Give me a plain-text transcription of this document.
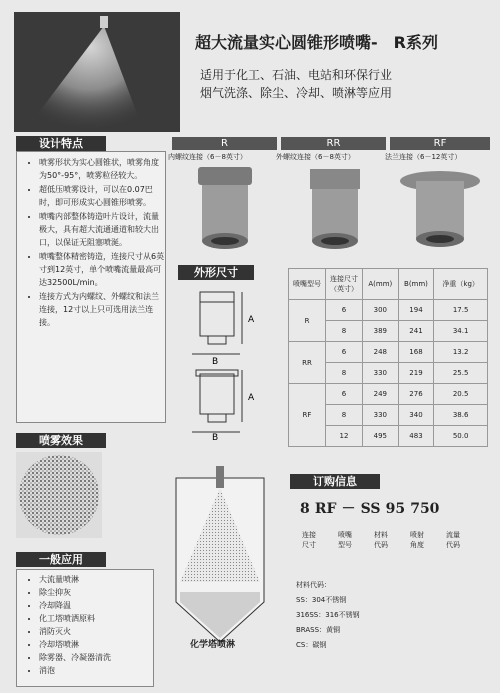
超大流量实心圆锥形喷嘴-　R系列
适用于化工、石油、电站和环保行业
烟气洗涤、除尘、冷却、喷淋等应用
设计特点
• 喷雾形状为实心圆锥状，喷雾角度为50°-95°，喷雾粒径较大。
• 超低压喷雾设计，可以在0.07巴时，即可形成实心圆锥形喷雾。
• 喷嘴内部整体铸造叶片设计，流量极大，具有超大流通通道和较大出口，以保证无阻塞喷涎。
• 喷嘴整体精密铸造，连接尺寸从6英寸到12英寸，单个喷嘴流量最高可达32500L/min。
• 连接方式为内螺纹、外螺纹和法兰连接，12寸以上只可选用法兰连接。
R	RR	RF
内螺纹连接（6－8英寸）	外螺纹连接（6－8英寸）	法兰连接（6－12英寸）
外形尺寸
A
B
A
B
喷嘴型号	连接尺寸（英寸）	A(mm)	B(mm)	净重（kg）
R	6	300	194	17.5
	8	389	241	34.1
RR	6	248	168	13.2
	8	330	219	25.5
RF	6	249	276	20.5
	8	330	340	38.6
	12	495	483	50.0
喷雾效果
一般应用
• 大流量喷淋
• 除尘抑灰
• 冷却降温
• 化工塔喷洒原料
• 消防灭火
• 冷却塔喷淋
• 除雾器、冷凝器清洗
• 消泡
化学塔喷淋
订购信息
8 RF － SS 95 750
连接
尺寸
喷嘴
型号
材料
代码
喷射
角度
流量
代码
材料代码：
SS：304不锈钢
316SS：316不锈钢
BRASS：黄铜
CS：碳钢
